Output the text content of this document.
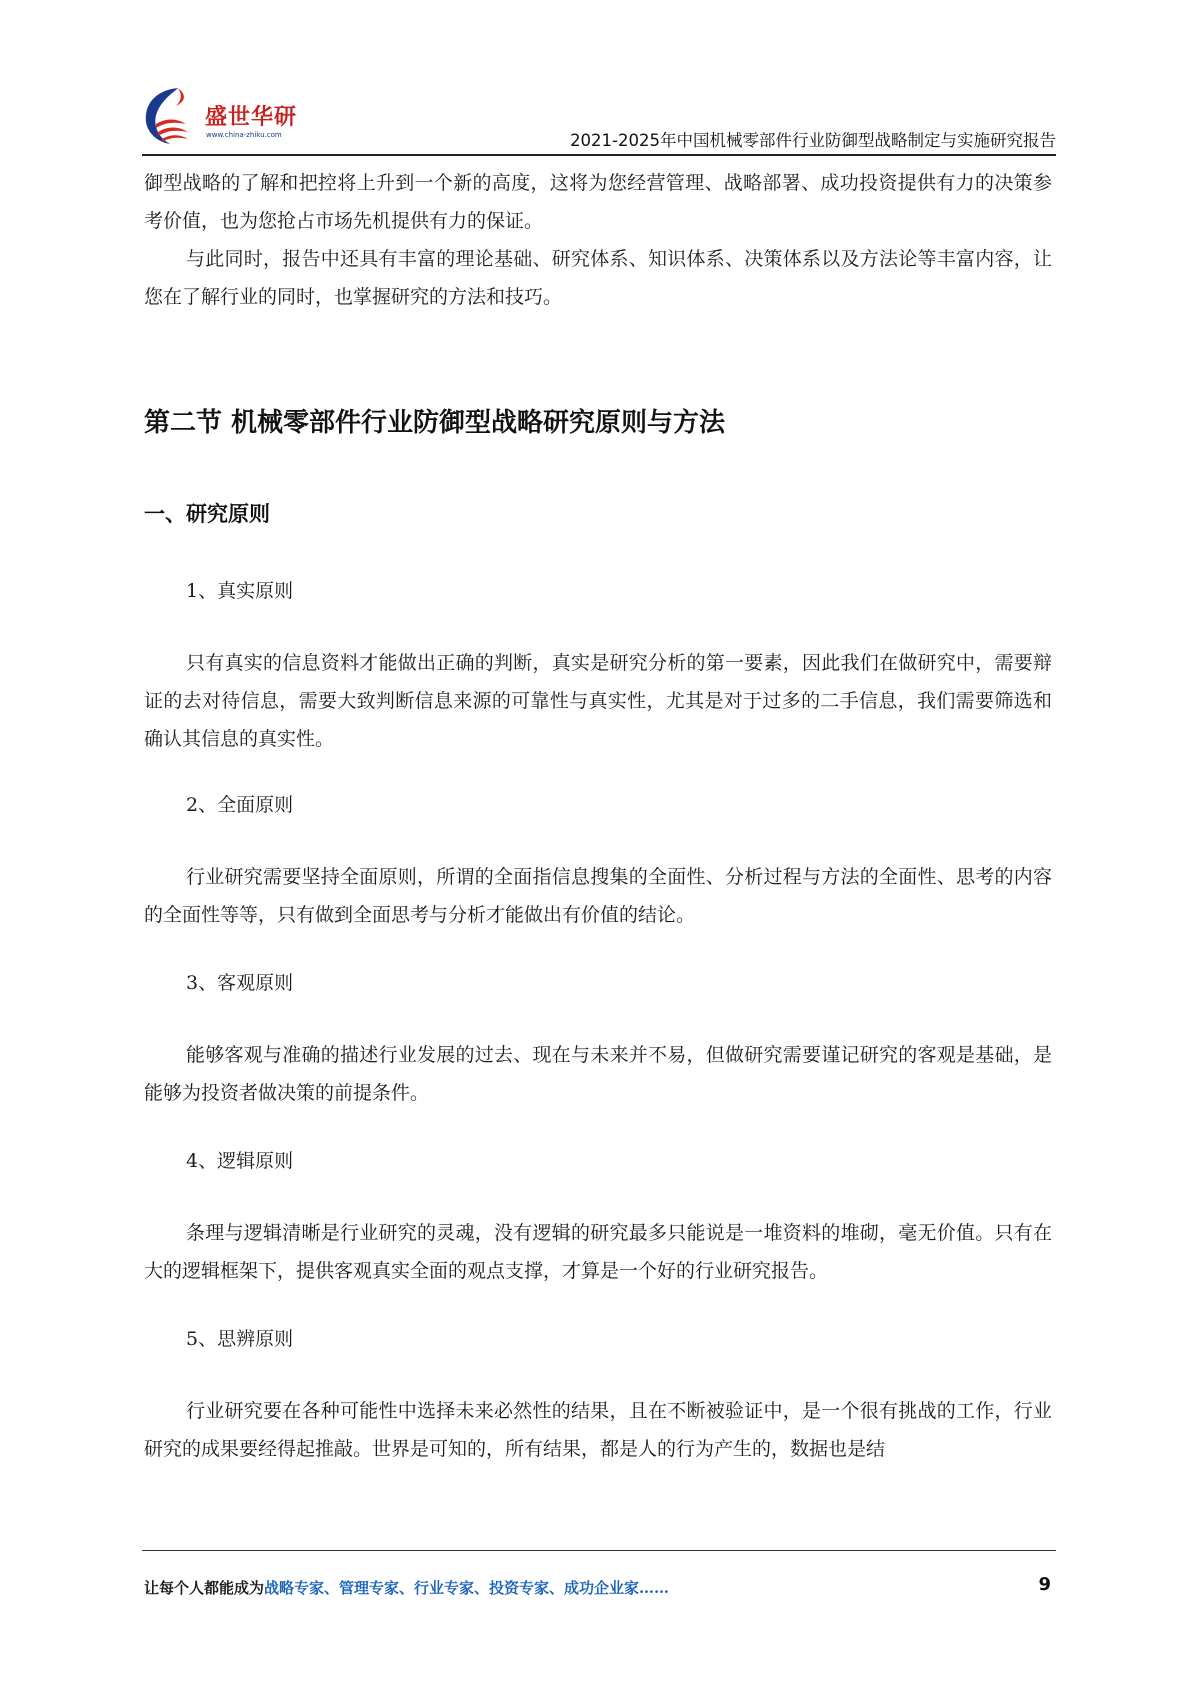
盛世华研
www.china-zhiku.com	2021-2025年中国机械零部件行业防御型战略制定与实施研究报告

御型战略的了解和把控将上升到一个新的高度，这将为您经营管理、战略部署、成功投资提供有力的决策参考价值，也为您抢占市场先机提供有力的保证。

与此同时，报告中还具有丰富的理论基础、研究体系、知识体系、决策体系以及方法论等丰富内容，让您在了解行业的同时，也掌握研究的方法和技巧。

第二节 机械零部件行业防御型战略研究原则与方法
一、研究原则

1、真实原则

只有真实的信息资料才能做出正确的判断，真实是研究分析的第一要素，因此我们在做研究中，需要辩证的去对待信息，需要大致判断信息来源的可靠性与真实性，尤其是对于过多的二手信息，我们需要筛选和确认其信息的真实性。

2、全面原则

行业研究需要坚持全面原则，所谓的全面指信息搜集的全面性、分析过程与方法的全面性、思考的内容的全面性等等，只有做到全面思考与分析才能做出有价值的结论。

3、客观原则

能够客观与准确的描述行业发展的过去、现在与未来并不易，但做研究需要谨记研究的客观是基础，是能够为投资者做决策的前提条件。

4、逻辑原则

条理与逻辑清晰是行业研究的灵魂，没有逻辑的研究最多只能说是一堆资料的堆砌，毫无价值。只有在大的逻辑框架下，提供客观真实全面的观点支撑，才算是一个好的行业研究报告。

5、思辨原则

行业研究要在各种可能性中选择未来必然性的结果，且在不断被验证中，是一个很有挑战的工作，行业研究的成果要经得起推敲。世界是可知的，所有结果，都是人的行为产生的，数据也是结

让每个人都能成为战略专家、管理专家、行业专家、投资专家、成功企业家……	9
